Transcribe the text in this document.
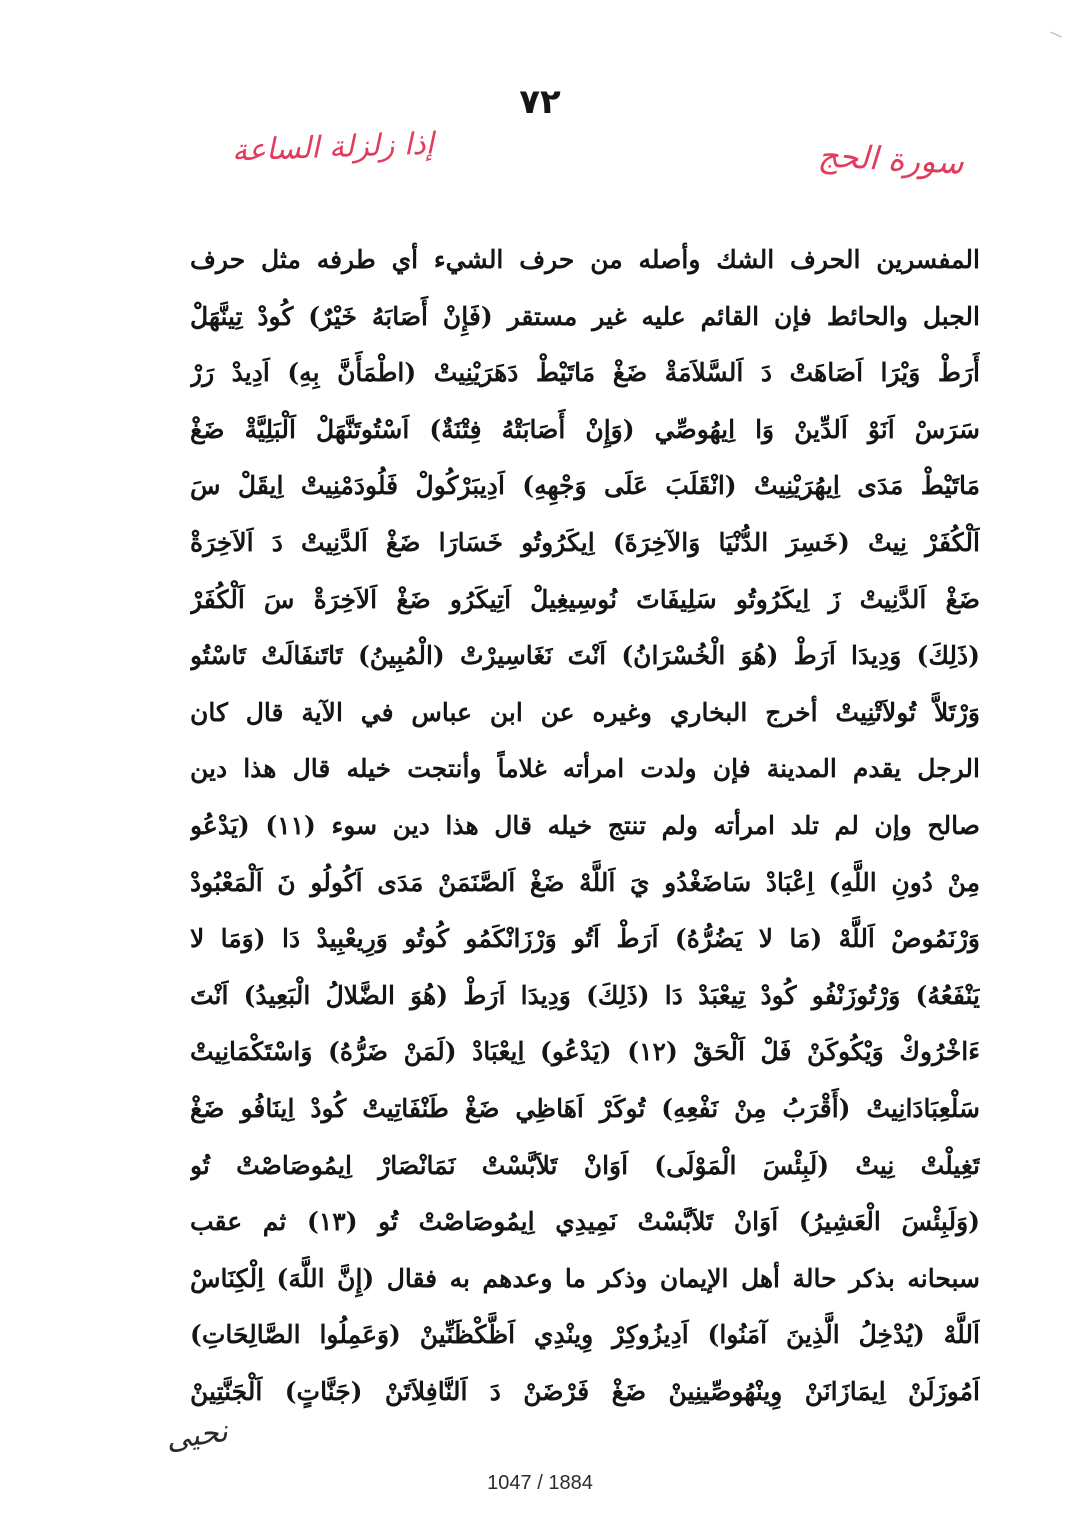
٧٢
إذا زلزلة الساعة	سورة الحج
المفسرين الحرف الشك وأصله من حرف الشيء أي طرفه مثل حرف
الجبل والحائط فإن القائم عليه غير مستقر (فَإِنْ أَصَابَهُ خَيْرٌ) كُودْ تِينَّهَلْ
أَرَطْ وَيْرَا اَصَاهَتْ دَ اَلسَّلاَمَةْ ضَغْ مَاتَيْطْ دَهَرَيْنِيتْ (اطْمَأَنَّ بِهِ) اَدِيدْ رَرْ
سَرَسْ اَنَوْ اَلدِّينْ وَا اِيهُوصِّي (وَإِنْ أَصَابَتْهُ فِتْنَةٌ) اَسْتُوتَنَّهَلْ اَلْبَلِيَّةْ ضَغْ
مَاتَيْطْ مَدَى اِيهُرَيْنِيتْ (انْقَلَبَ عَلَى وَجْهِهِ) اَدِيبَرْكُولْ فَلُودَمْنِيتْ اِيقَلْ سَ
اَلْكُفَرْ نِيتْ (خَسِرَ الدُّنْيَا وَالآخِرَةَ) اِيكَرُوتُو خَسَارَا ضَغْ اَلدَّنِيتْ دَ اَلاَخِرَةْ
ضَغْ اَلدَّنِيتْ زَ اِيكَرُوتُو سَلِيفَاتَ نُوسِيغِيلْ اَتِيكَرُو ضَغْ اَلاَخِرَةْ سَ اَلْكُفَرْ
(ذَلِكَ) وَدِيدَا اَرَطْ (هُوَ الْخُسْرَانُ) اَنْتَ نَغَاسِيرْتْ (الْمُبِينُ) تَاتَنفَالَتْ تَاسْتُو
وَرْتَلاَّ تُولاَتْنِيتْ أخرج البخاري وغيره عن ابن عباس في الآية قال كان
الرجل يقدم المدينة فإن ولدت امرأته غلاماً وأنتجت خيله قال هذا دين
صالح وإن لم تلد امرأته ولم تنتج خيله قال هذا دين سوء (١١) (يَدْعُو
مِنْ دُونِ اللَّهِ) اِعْبَادْ سَاضَغْدُو يَ اَللَّهْ ضَغْ اَلصَّنَمَنْ مَدَى اَكُولُو نَ اَلْمَعْبُودْ
وَرْنَمُوصْ اَللَّهْ (مَا لا يَضُرُّهُ) اَرَطْ اَتُو وَرْزَانْكَمُو كُوتُو وَرِيعْبِيدْ دَا (وَمَا لا
يَنْفَعُهُ) وَرْتُوزَنْفُو كُودْ تِيعْبَدْ دَا (ذَلِكَ) وَدِيدَا اَرَطْ (هُوَ الضَّلالُ الْبَعِيدُ) اَنْتَ
ءَاخْرُوكْ وَيْكُوكَنْ فَلْ اَلْحَقْ (١٢) (يَدْعُو) اِيعْبَادْ (لَمَنْ ضَرُّهُ) وَاسْتَكْمَانِيتْ
سَلْعِبَادَانِيتْ (أَقْرَبُ مِنْ نَفْعِهِ) تُوكَرْ اَهَاظِي ضَغْ طَنْفَاتِيتْ كُودْ اِينَافُو ضَغْ
تَغِيلْتْ نِيتْ (لَبِئْسَ الْمَوْلَى) اَوَانْ تَلاَبَّسْتْ نَمَانْصَارْ اِيمُوصَاصْتْ تُو
(وَلَبِئْسَ الْعَشِيرُ) اَوَانْ تَلاَبَّسْتْ نَمِيدِي اِيمُوصَاصْتْ تُو (١٣) ثم عقب
سبحانه بذكر حالة أهل الإيمان وذكر ما وعدهم به فقال (إِنَّ اللَّهَ) اِلْكِنَاسْ
اَللَّهْ (يُدْخِلُ الَّذِينَ آمَنُوا) اَدِيزُوكِرْ وِينْدِي اَظَّكْظَنِّينْ (وَعَمِلُوا الصَّالِحَاتِ)
اَمُوزَلَنْ اِيمَازَانَنْ وِينْهُوصِّينِينْ ضَغْ فَرْضَنْ دَ اَلنَّافِلاَتَنْ (جَنَّاتٍ) اَلْجَنَّتِينْ
نحيى
1047 / 1884
